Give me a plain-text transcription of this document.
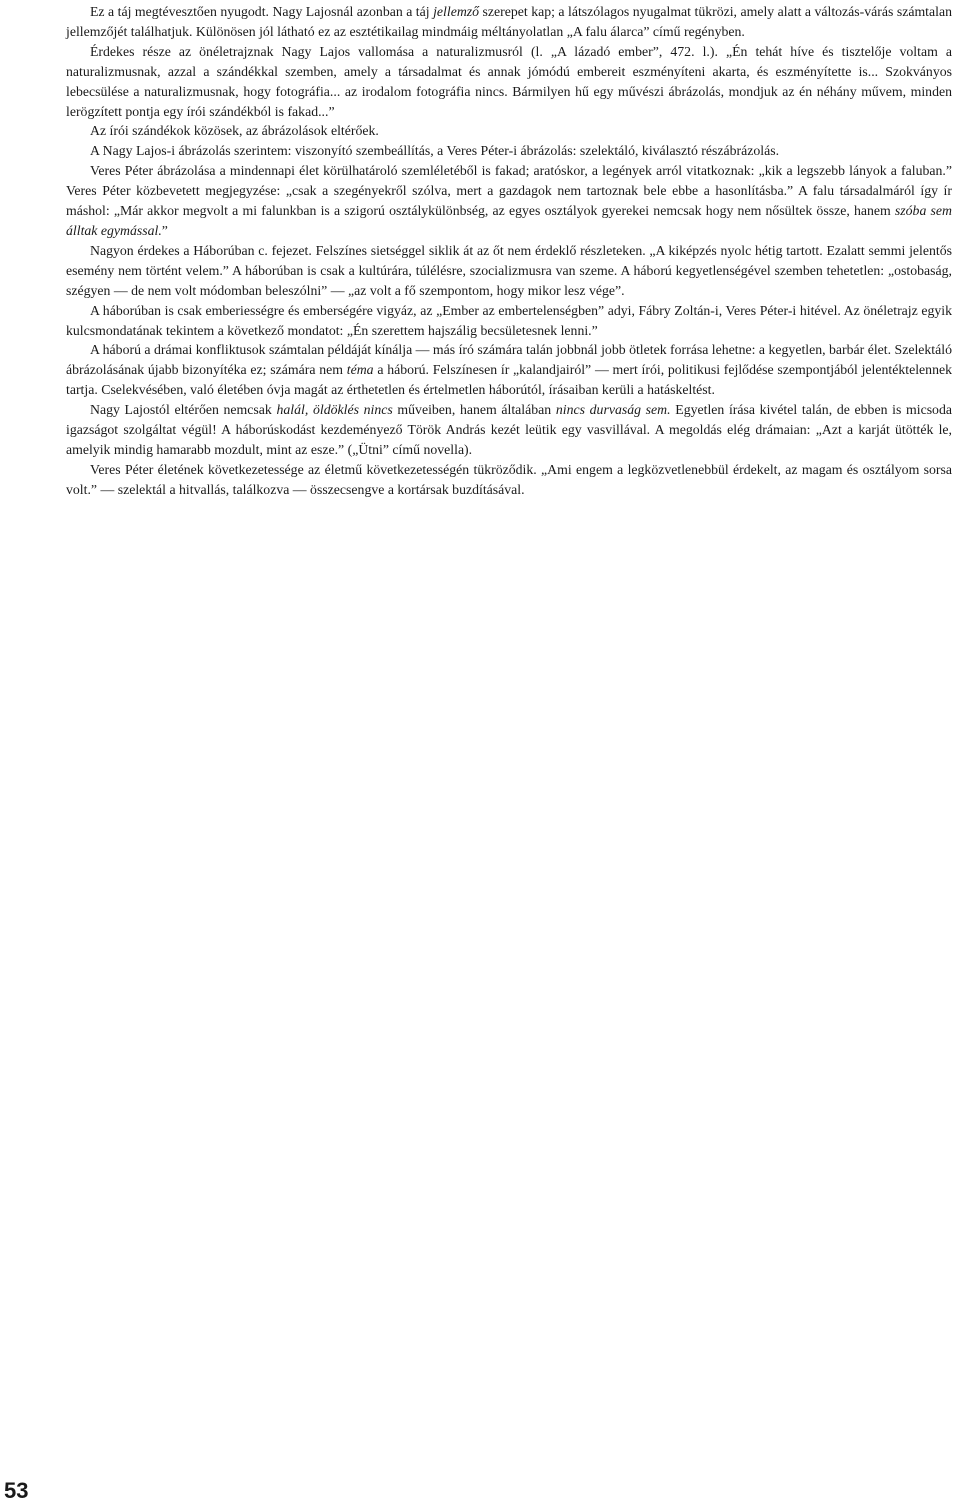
Ez a táj megtévesztően nyugodt. Nagy Lajosnál azonban a táj jellemző szerepet kap; a látszólagos nyugalmat tükrözi, amely alatt a változás-várás számtalan jellemzőjét találhatjuk. Különösen jól látható ez az esztétikailag mindmáig méltányolatlan „A falu álarca” című regényben.

Érdekes része az önéletrajznak Nagy Lajos vallomása a naturalizmusról (l. „A lázadó ember”, 472. l.). „Én tehát híve és tisztelője voltam a naturalizmusnak, azzal a szándékkal szemben, amely a társadalmat és annak jómódú embereit eszményíteni akarta, és eszményítette is... Szokványos lebecsülése a naturalizmusnak, hogy fotográfia... az irodalom fotográfia nincs. Bármilyen hű egy művészi ábrázolás, mondjuk az én néhány művem, minden lerögzített pontja egy írói szándékból is fakad...”

Az írói szándékok közösek, az ábrázolások eltérőek.

A Nagy Lajos-i ábrázolás szerintem: viszonyító szembeállítás, a Veres Péter-i ábrázolás: szelektáló, kiválasztó részábrázolás.

Veres Péter ábrázolása a mindennapi élet körülhatároló szemléletéből is fakad; aratóskor, a legények arról vitatkoznak: „kik a legszebb lányok a faluban.” Veres Péter közbevetett megjegyzése: „csak a szegényekről szólva, mert a gazdagok nem tartoznak bele ebbe a hasonlításba.” A falu társadalmáról így ír máshol: „Már akkor megvolt a mi falunkban is a szigorú osztálykülönbség, az egyes osztályok gyerekei nemcsak hogy nem nősültek össze, hanem szóba sem álltak egymással.”

Nagyon érdekes a Háborúban c. fejezet. Felszínes sietséggel siklik át az őt nem érdeklő részleteken. „A kiképzés nyolc hétig tartott. Ezalatt semmi jelentős esemény nem történt velem.” A háborúban is csak a kultúrára, túlélésre, szocializmusra van szeme. A háború kegyetlenségével szemben tehetetlen: „ostobaság, szégyen — de nem volt módomban beleszólni” — „az volt a fő szempontom, hogy mikor lesz vége”.

A háborúban is csak emberiességre és emberségére vigyáz, az „Ember az embertelenségben” adyi, Fábry Zoltán-i, Veres Péter-i hitével. Az önéletrajz egyik kulcsmondatának tekintem a következő mondatot: „Én szerettem hajszálig becsületesnek lenni.”

A háború a drámai konfliktusok számtalan példáját kínálja — más író számára talán jobbnál jobb ötletek forrása lehetne: a kegyetlen, barbár élet. Szelektáló ábrázolásának újabb bizonyítéka ez; számára nem téma a háború. Felszínesen ír „kalandjairól” — mert írói, politikusi fejlődése szempontjából jelentéktelennek tartja. Cselekvésében, való életében óvja magát az érthetetlen és értelmetlen háborútól, írásaiban kerüli a hatáskeltést.

Nagy Lajostól eltérően nemcsak halál, öldöklés nincs műveiben, hanem általában nincs durvaság sem. Egyetlen írása kivétel talán, de ebben is micsoda igazságot szolgáltat végül! A háborúskodást kezdeményező Török András kezét leütik egy vasvillával. A megoldás elég drámaian: „Azt a karját ütötték le, amelyik mindig hamarabb mozdult, mint az esze.” („Ütni” című novella).

Veres Péter életének következetessége az életmű következetességén tükröződik. „Ami engem a legközvetlenebbül érdekelt, az magam és osztályom sorsa volt.” — szelektál a hitvallás, találkozva — összecsengve a kortársak buzdításával.

53
